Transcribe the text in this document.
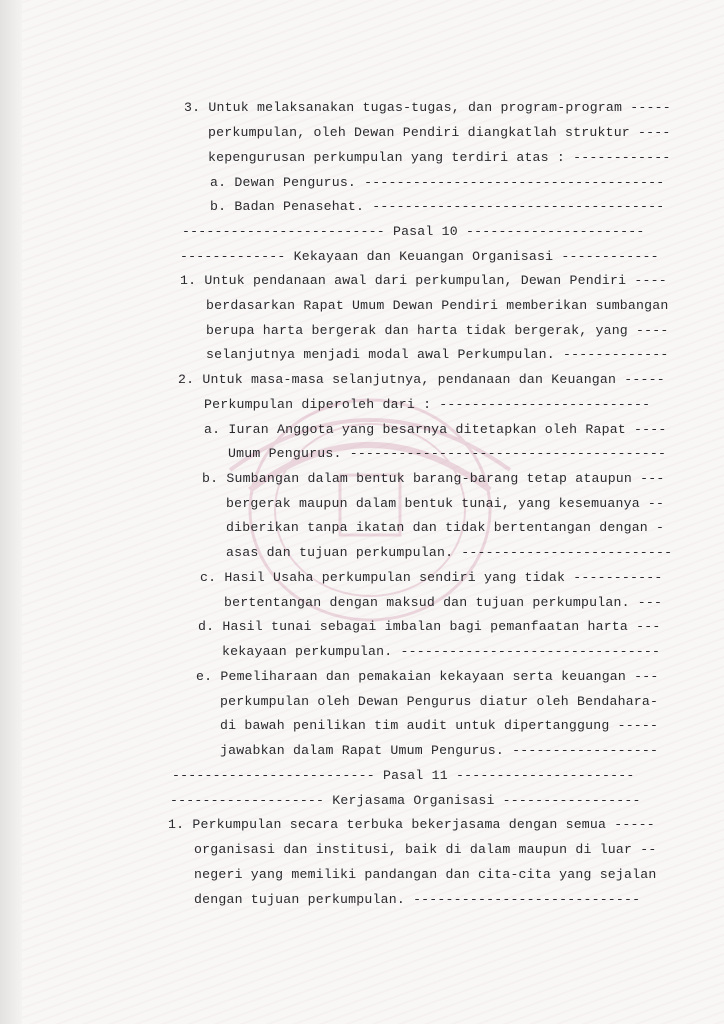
3. Untuk melaksanakan tugas-tugas, dan program-program -----
perkumpulan, oleh Dewan Pendiri diangkatlah struktur ----
kepengurusan perkumpulan yang terdiri atas : ------------
a. Dewan Pengurus. -------------------------------------
b. Badan Penasehat. ------------------------------------
------------------------- Pasal 10 ----------------------
------------- Kekayaan dan Keuangan Organisasi ------------
1. Untuk pendanaan awal dari perkumpulan, Dewan Pendiri ----
berdasarkan Rapat Umum Dewan Pendiri memberikan sumbangan
berupa harta bergerak dan harta tidak bergerak, yang ----
selanjutnya menjadi modal awal Perkumpulan. -------------
2. Untuk masa-masa selanjutnya, pendanaan dan Keuangan -----
Perkumpulan diperoleh dari : --------------------------
a. Iuran Anggota yang besarnya ditetapkan oleh Rapat ----
Umum Pengurus. ---------------------------------------
b. Sumbangan dalam bentuk barang-barang tetap ataupun ---
bergerak maupun dalam bentuk tunai, yang kesemuanya --
diberikan tanpa ikatan dan tidak bertentangan dengan -
asas dan tujuan perkumpulan. --------------------------
c. Hasil Usaha perkumpulan sendiri yang tidak -----------
bertentangan dengan maksud dan tujuan perkumpulan. ---
d. Hasil tunai sebagai imbalan bagi pemanfaatan harta ---
kekayaan perkumpulan. --------------------------------
e. Pemeliharaan dan pemakaian kekayaan serta keuangan ---
perkumpulan oleh Dewan Pengurus diatur oleh Bendahara-
di bawah penilikan tim audit untuk dipertanggung -----
jawabkan dalam Rapat Umum Pengurus. ------------------
------------------------- Pasal 11 ----------------------
------------------- Kerjasama Organisasi -----------------
1. Perkumpulan secara terbuka bekerjasama dengan semua -----
organisasi dan institusi, baik di dalam maupun di luar --
negeri yang memiliki pandangan dan cita-cita yang sejalan
dengan tujuan perkumpulan. ----------------------------
